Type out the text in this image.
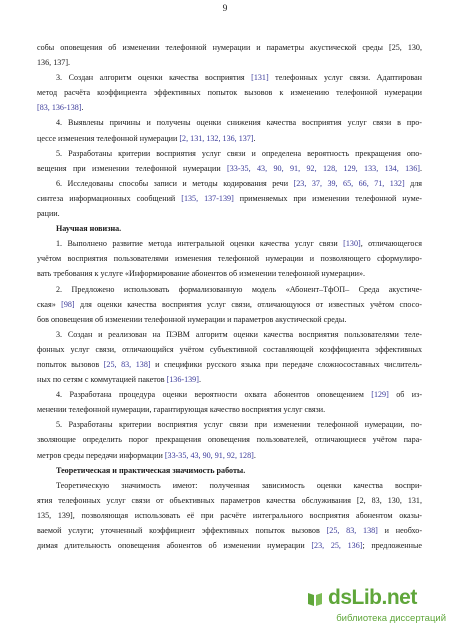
9
собы оповещения об изменении телефонной нумерации и параметры акустической среды [25, 130,
136, 137].
3. Создан алгоритм оценки качества восприятия [131] телефонных услуг связи. Адаптирован
метод расчёта коэффициента эффективных попыток вызовов к изменению телефонной нумерации
[83, 136-138].
4. Выявлены причины и получены оценки снижения качества восприятия услуг связи в про-
цессе изменения телефонной нумерации [2, 131, 132, 136, 137].
5. Разработаны критерии восприятия услуг связи и определена вероятность прекращения опо-
вещения при изменении телефонной нумерации [33-35, 43, 90, 91, 92, 128, 129, 133, 134, 136].
6. Исследованы способы записи и методы кодирования речи [23, 37, 39, 65, 66, 71, 132] для
синтеза информационных сообщений [135, 137-139] применяемых при изменении телефонной нуме-
рации.
Научная новизна.
1. Выполнено развитие метода интегральной оценки качества услуг связи [130], отличающегося
учётом восприятия пользователями изменения телефонной нумерации и позволяющего сформулиро-
вать требования к услуге «Информирование абонентов об изменении телефонной нумерации».
2. Предложено использовать формализованную модель «Абонент–ТфОП– Среда акустиче-
ская» [98] для оценки качества восприятия услуг связи, отличающуюся от известных учётом спосо-
бов оповещения об изменении телефонной нумерации и параметров акустической среды.
3. Создан и реализован на ПЭВМ алгоритм оценки качества восприятия пользователями теле-
фонных услуг связи, отличающийся учётом субъективной составляющей коэффициента эффективных
попыток вызовов [25, 83, 138] и специфики русского языка при передаче сложносоставных числитель-
ных по сетям с коммутацией пакетов [136-139].
4. Разработана процедура оценки вероятности охвата абонентов оповещением [129] об из-
менении телефонной нумерации, гарантирующая качество восприятия услуг связи.
5. Разработаны критерии восприятия услуг связи при изменении телефонной нумерации, по-
зволяющие определить порог прекращения оповещения пользователей, отличающиеся учётом пара-
метров среды передачи информации [33-35, 43, 90, 91, 92, 128].
Теоретическая и практическая значимость работы.
Теоретическую значимость имеют: полученная зависимость оценки качества воспри-
ятия телефонных услуг связи от объективных параметров качества обслуживания [2, 83, 130, 131,
135, 139], позволяющая использовать её при расчёте интегрального восприятия абонентом оказы-
ваемой услуги; уточненный коэффициент эффективных попыток вызовов [25, 83, 138] и необхо-
димая длительность оповещения абонентов об изменении нумерации [23, 25, 136]; предложенные
dsLib.net
библиотека диссертаций
